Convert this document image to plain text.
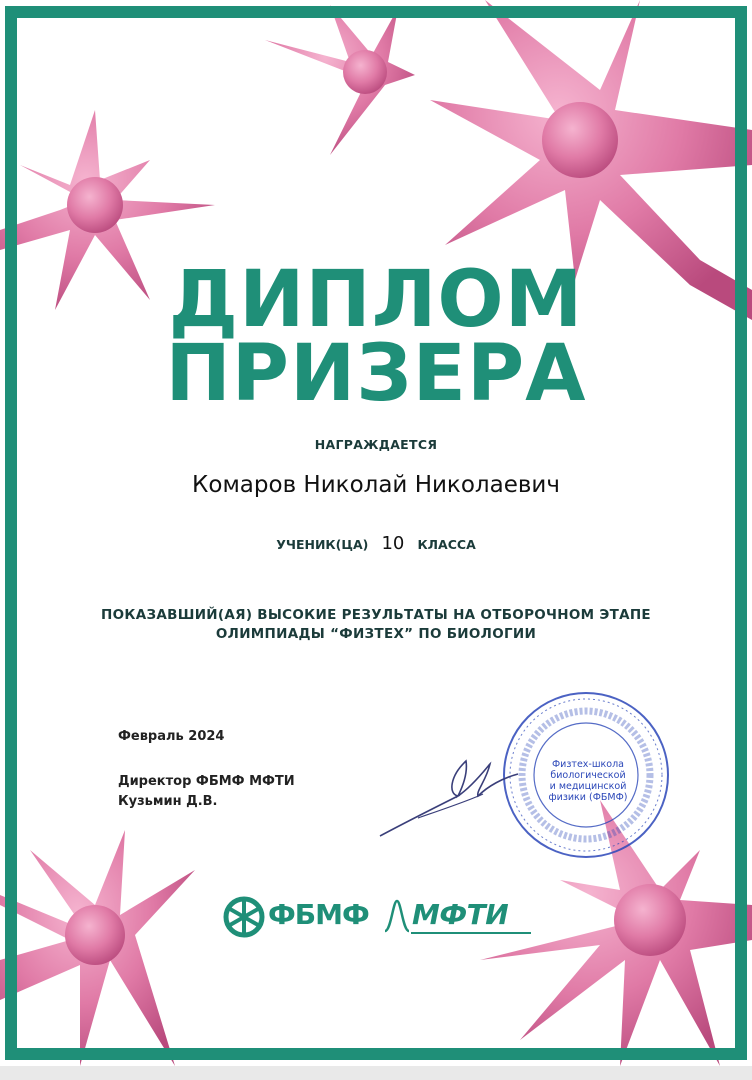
ДИПЛОМ
ПРИЗЕРА
НАГРАЖДАЕТСЯ
Комаров Николай Николаевич
УЧЕНИК(ЦА) 10 КЛАССА
ПОКАЗАВШИЙ(АЯ) ВЫСОКИЕ РЕЗУЛЬТАТЫ НА ОТБОРОЧНОМ ЭТАПЕ
ОЛИМПИАДЫ “ФИЗТЕХ” ПО БИОЛОГИИ
Февраль 2024
Директор ФБМФ МФТИ
Кузьмин Д.В.
Физтех-школа биологической и медицинской физики (ФБМФ)
ФБМФ МФТИ
